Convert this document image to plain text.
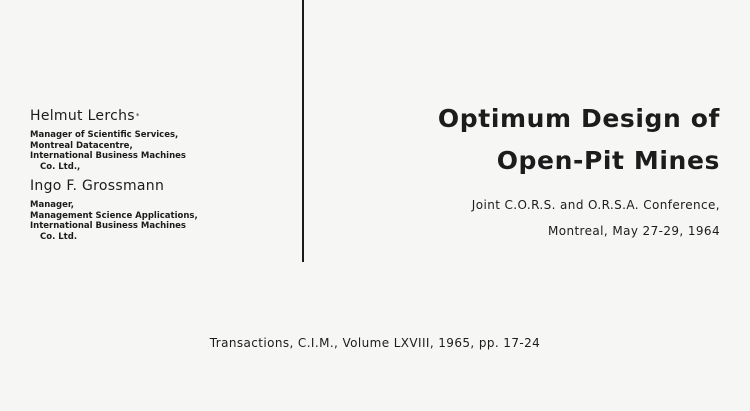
Helmut Lerchs*
Manager of Scientific Services,
Montreal Datacentre,
International Business Machines
Co. Ltd.,
Ingo F. Grossmann
Manager,
Management Science Applications,
International Business Machines
Co. Ltd.
Optimum Design of
Open-Pit Mines
Joint C.O.R.S. and O.R.S.A. Conference,
Montreal, May 27-29, 1964
Transactions, C.I.M., Volume LXVIII, 1965, pp. 17-24
